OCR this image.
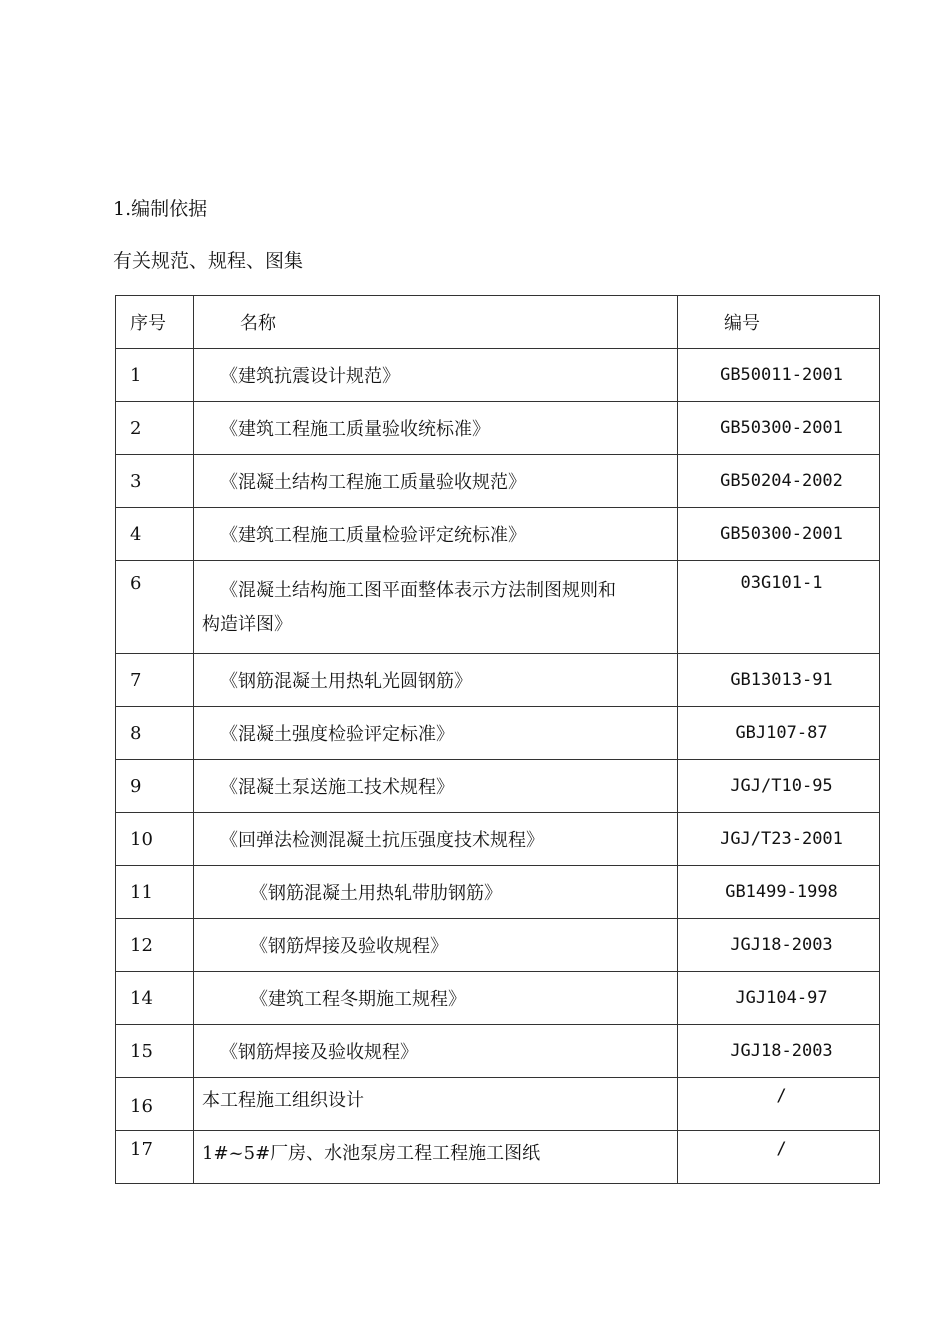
1.编制依据
有关规范、规程、图集
序号	名称	编号
1	《建筑抗震设计规范》	GB50011-2001
2	《建筑工程施工质量验收统标准》	GB50300-2001
3	《混凝土结构工程施工质量验收规范》	GB50204-2002
4	《建筑工程施工质量检验评定统标准》	GB50300-2001
6	《混凝土结构施工图平面整体表示方法制图规则和
构造详图》	03G101-1
7	《钢筋混凝土用热轧光圆钢筋》	GB13013-91
8	《混凝土强度检验评定标准》	GBJ107-87
9	《混凝土泵送施工技术规程》	JGJ/T10-95
10	《回弹法检测混凝土抗压强度技术规程》	JGJ/T23-2001
11	《钢筋混凝土用热轧带肋钢筋》	GB1499-1998
12	《钢筋焊接及验收规程》	JGJ18-2003
14	《建筑工程冬期施工规程》	JGJ104-97
15	《钢筋焊接及验收规程》	JGJ18-2003
16	本工程施工组织设计	/
17	1#~5#厂房、水池泵房工程工程施工图纸	/
